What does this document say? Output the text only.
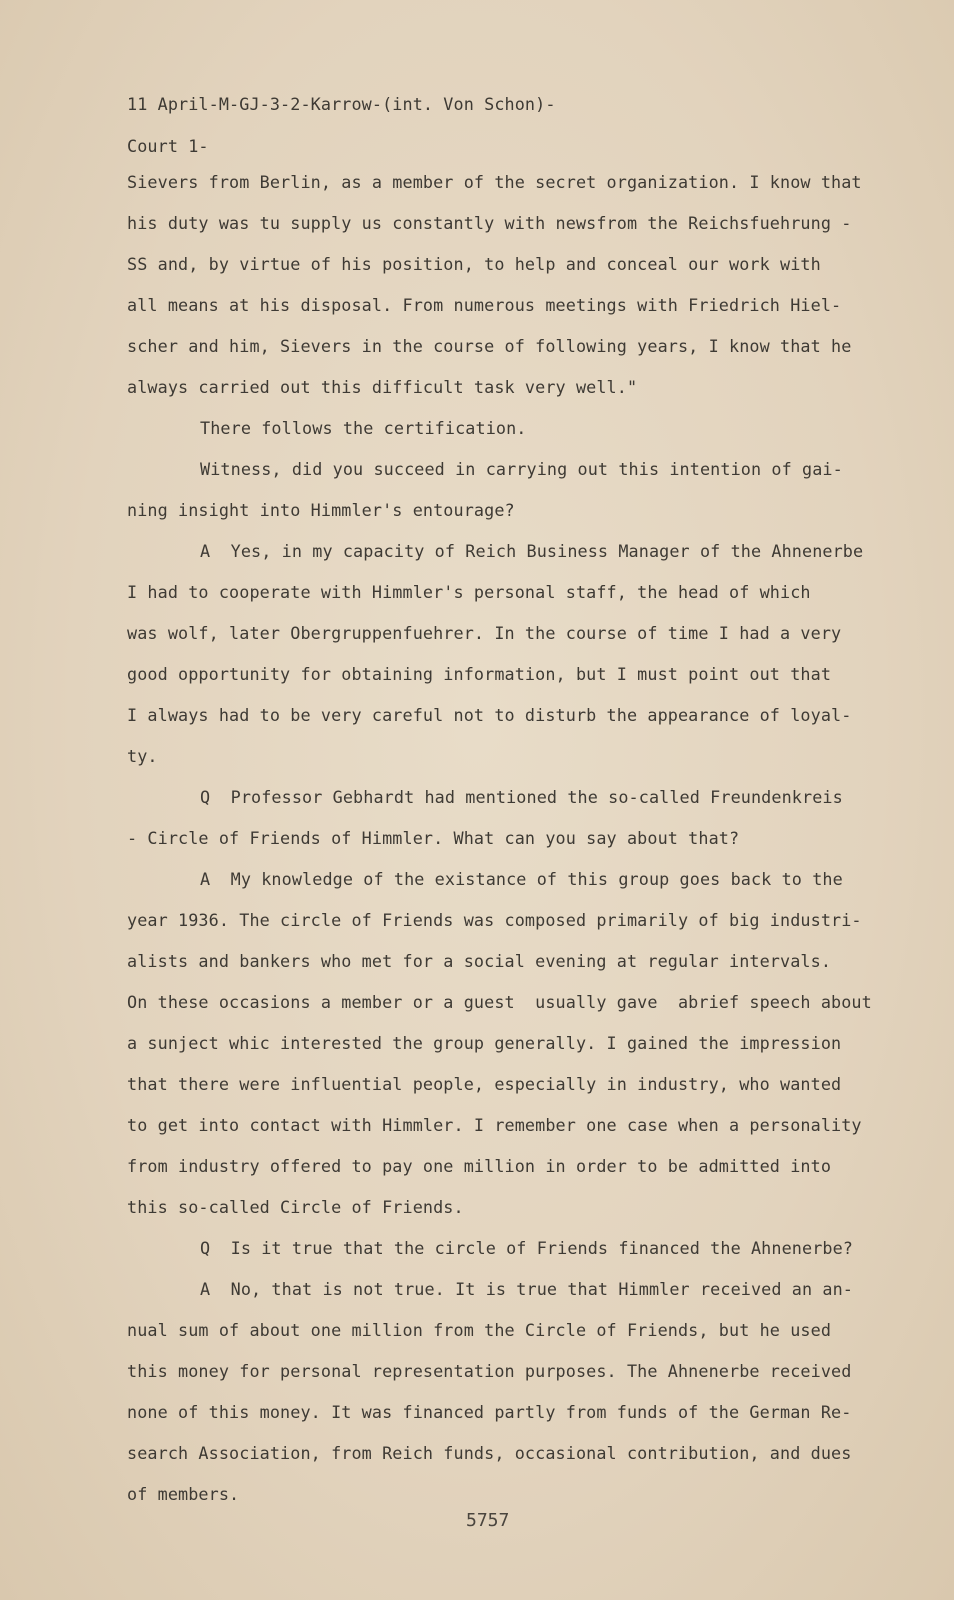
11 April-M-GJ-3-2-Karrow-(int. Von Schon)-
Court 1-
Sievers from Berlin, as a member of the secret organization. I know that
his duty was tu supply us constantly with newsfrom the Reichsfuehrung -
SS and, by virtue of his position, to help and conceal our work with
all means at his disposal. From numerous meetings with Friedrich Hiel-
scher and him, Sievers in the course of following years, I know that he
always carried out this difficult task very well."
There follows the certification.
Witness, did you succeed in carrying out this intention of gai-
ning insight into Himmler's entourage?
A  Yes, in my capacity of Reich Business Manager of the Ahnenerbe
I had to cooperate with Himmler's personal staff, the head of which
was wolf, later Obergruppenfuehrer. In the course of time I had a very
good opportunity for obtaining information, but I must point out that
I always had to be very careful not to disturb the appearance of loyal-
ty.
Q  Professor Gebhardt had mentioned the so-called Freundenkreis
- Circle of Friends of Himmler. What can you say about that?
A  My knowledge of the existance of this group goes back to the
year 1936. The circle of Friends was composed primarily of big industri-
alists and bankers who met for a social evening at regular intervals.
On these occasions a member or a guest  usually gave  abrief speech about
a sunject whic interested the group generally. I gained the impression
that there were influential people, especially in industry, who wanted
to get into contact with Himmler. I remember one case when a personality
from industry offered to pay one million in order to be admitted into
this so-called Circle of Friends.
Q  Is it true that the circle of Friends financed the Ahnenerbe?
A  No, that is not true. It is true that Himmler received an an-
nual sum of about one million from the Circle of Friends, but he used
this money for personal representation purposes. The Ahnenerbe received
none of this money. It was financed partly from funds of the German Re-
search Association, from Reich funds, occasional contribution, and dues
of members.
5757
